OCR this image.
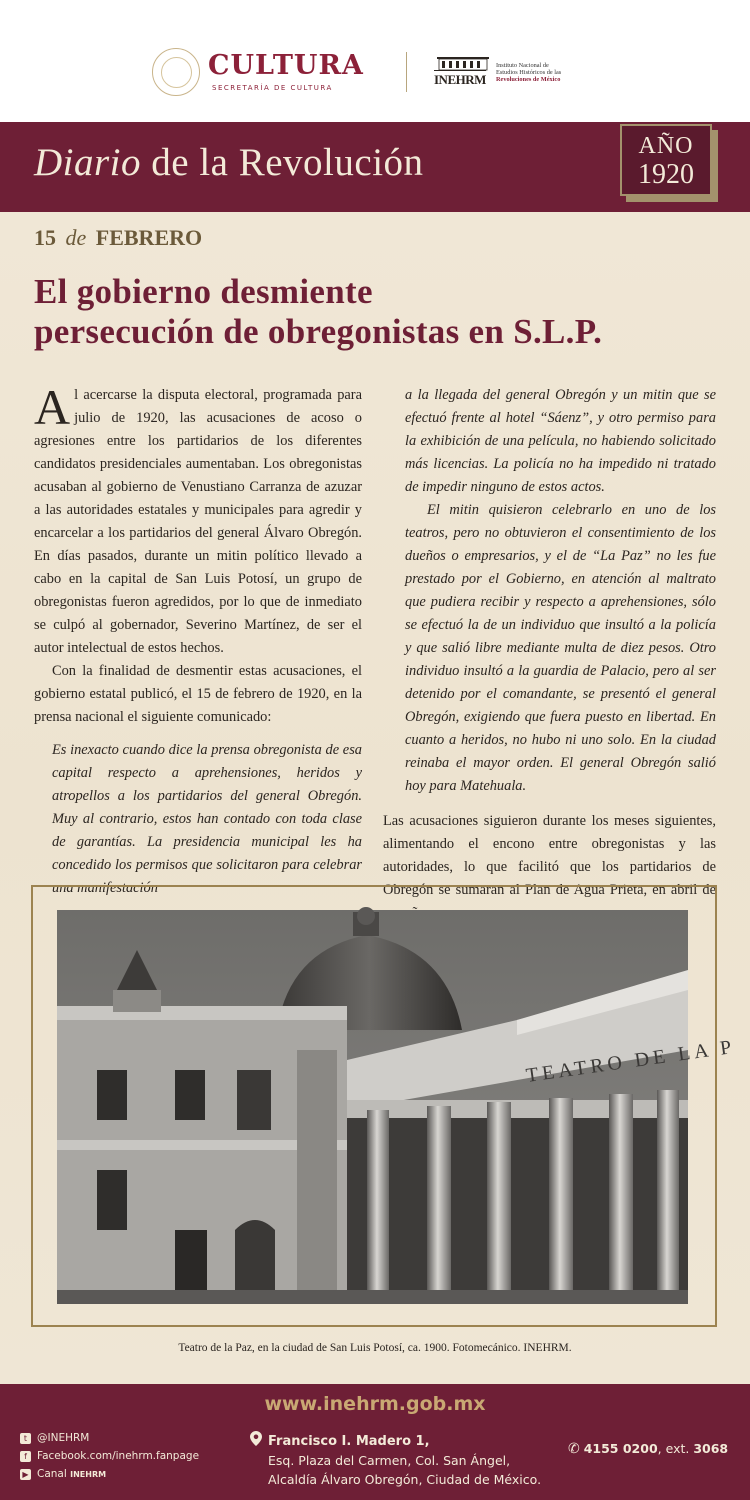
CULTURA
SECRETARÍA DE CULTURA
INEHRM
Instituto Nacional de
Estudios Históricos de las
Revoluciones de México
Diario de la Revolución	AÑO
1920
15 de FEBRERO
El gobierno desmiente
persecución de obregonistas en S.L.P.

Al acercarse la disputa electoral, programada para julio de 1920, las acusaciones de acoso o agresiones entre los partidarios de los diferentes candidatos presidenciales aumentaban. Los obregonistas acusaban al gobierno de Venustiano Carranza de azuzar a las autoridades estatales y municipales para agredir y encarcelar a los partidarios del general Álvaro Obregón. En días pasados, durante un mitin político llevado a cabo en la capital de San Luis Potosí, un grupo de obregonistas fueron agredidos, por lo que de inmediato se culpó al gobernador, Severino Martínez, de ser el autor intelectual de estos hechos.

Con la finalidad de desmentir estas acusaciones, el gobierno estatal publicó, el 15 de febrero de 1920, en la prensa nacional el siguiente comunicado:

Es inexacto cuando dice la prensa obregonista de esa capital respecto a aprehensiones, heridos y atropellos a los partidarios del general Obregón. Muy al contrario, estos han contado con toda clase de garantías. La presidencia municipal les ha concedido los permisos que solicitaron para celebrar una manifestación

a la llegada del general Obregón y un mitin que se efectuó frente al hotel “Sáenz”, y otro permiso para la exhibición de una película, no habiendo solicitado más licencias. La policía no ha impedido ni tratado de impedir ninguno de estos actos.

El mitin quisieron celebrarlo en uno de los teatros, pero no obtuvieron el consentimiento de los dueños o empresarios, y el de “La Paz” no les fue prestado por el Gobierno, en atención al maltrato que pudiera recibir y respecto a aprehensiones, sólo se efectuó la de un individuo que insultó a la policía y que salió libre mediante multa de diez pesos. Otro individuo insultó a la guardia de Palacio, pero al ser detenido por el comandante, se presentó el general Obregón, exigiendo que fuera puesto en libertad. En cuanto a heridos, no hubo ni uno solo. En la ciudad reinaba el mayor orden. El general Obregón salió hoy para Matehuala.

Las acusaciones siguieron durante los meses siguientes, alimentando el encono entre obregonistas y las autoridades, lo que facilitó que los partidarios de Obregón se sumaran al Plan de Agua Prieta, en abril de

TEATRO DE LA P
Teatro de la Paz, en la ciudad de San Luis Potosí, ca. 1900. Fotomecánico. INEHRM.
www.inehrm.gob.mx
t @INEHRM
f Facebook.com/inehrm.fanpage
▶ Canal INEHRM
Francisco I. Madero 1,
Esq. Plaza del Carmen, Col. San Ángel,
Alcaldía Álvaro Obregón, Ciudad de México.
✆ 4155 0200, ext. 3068
